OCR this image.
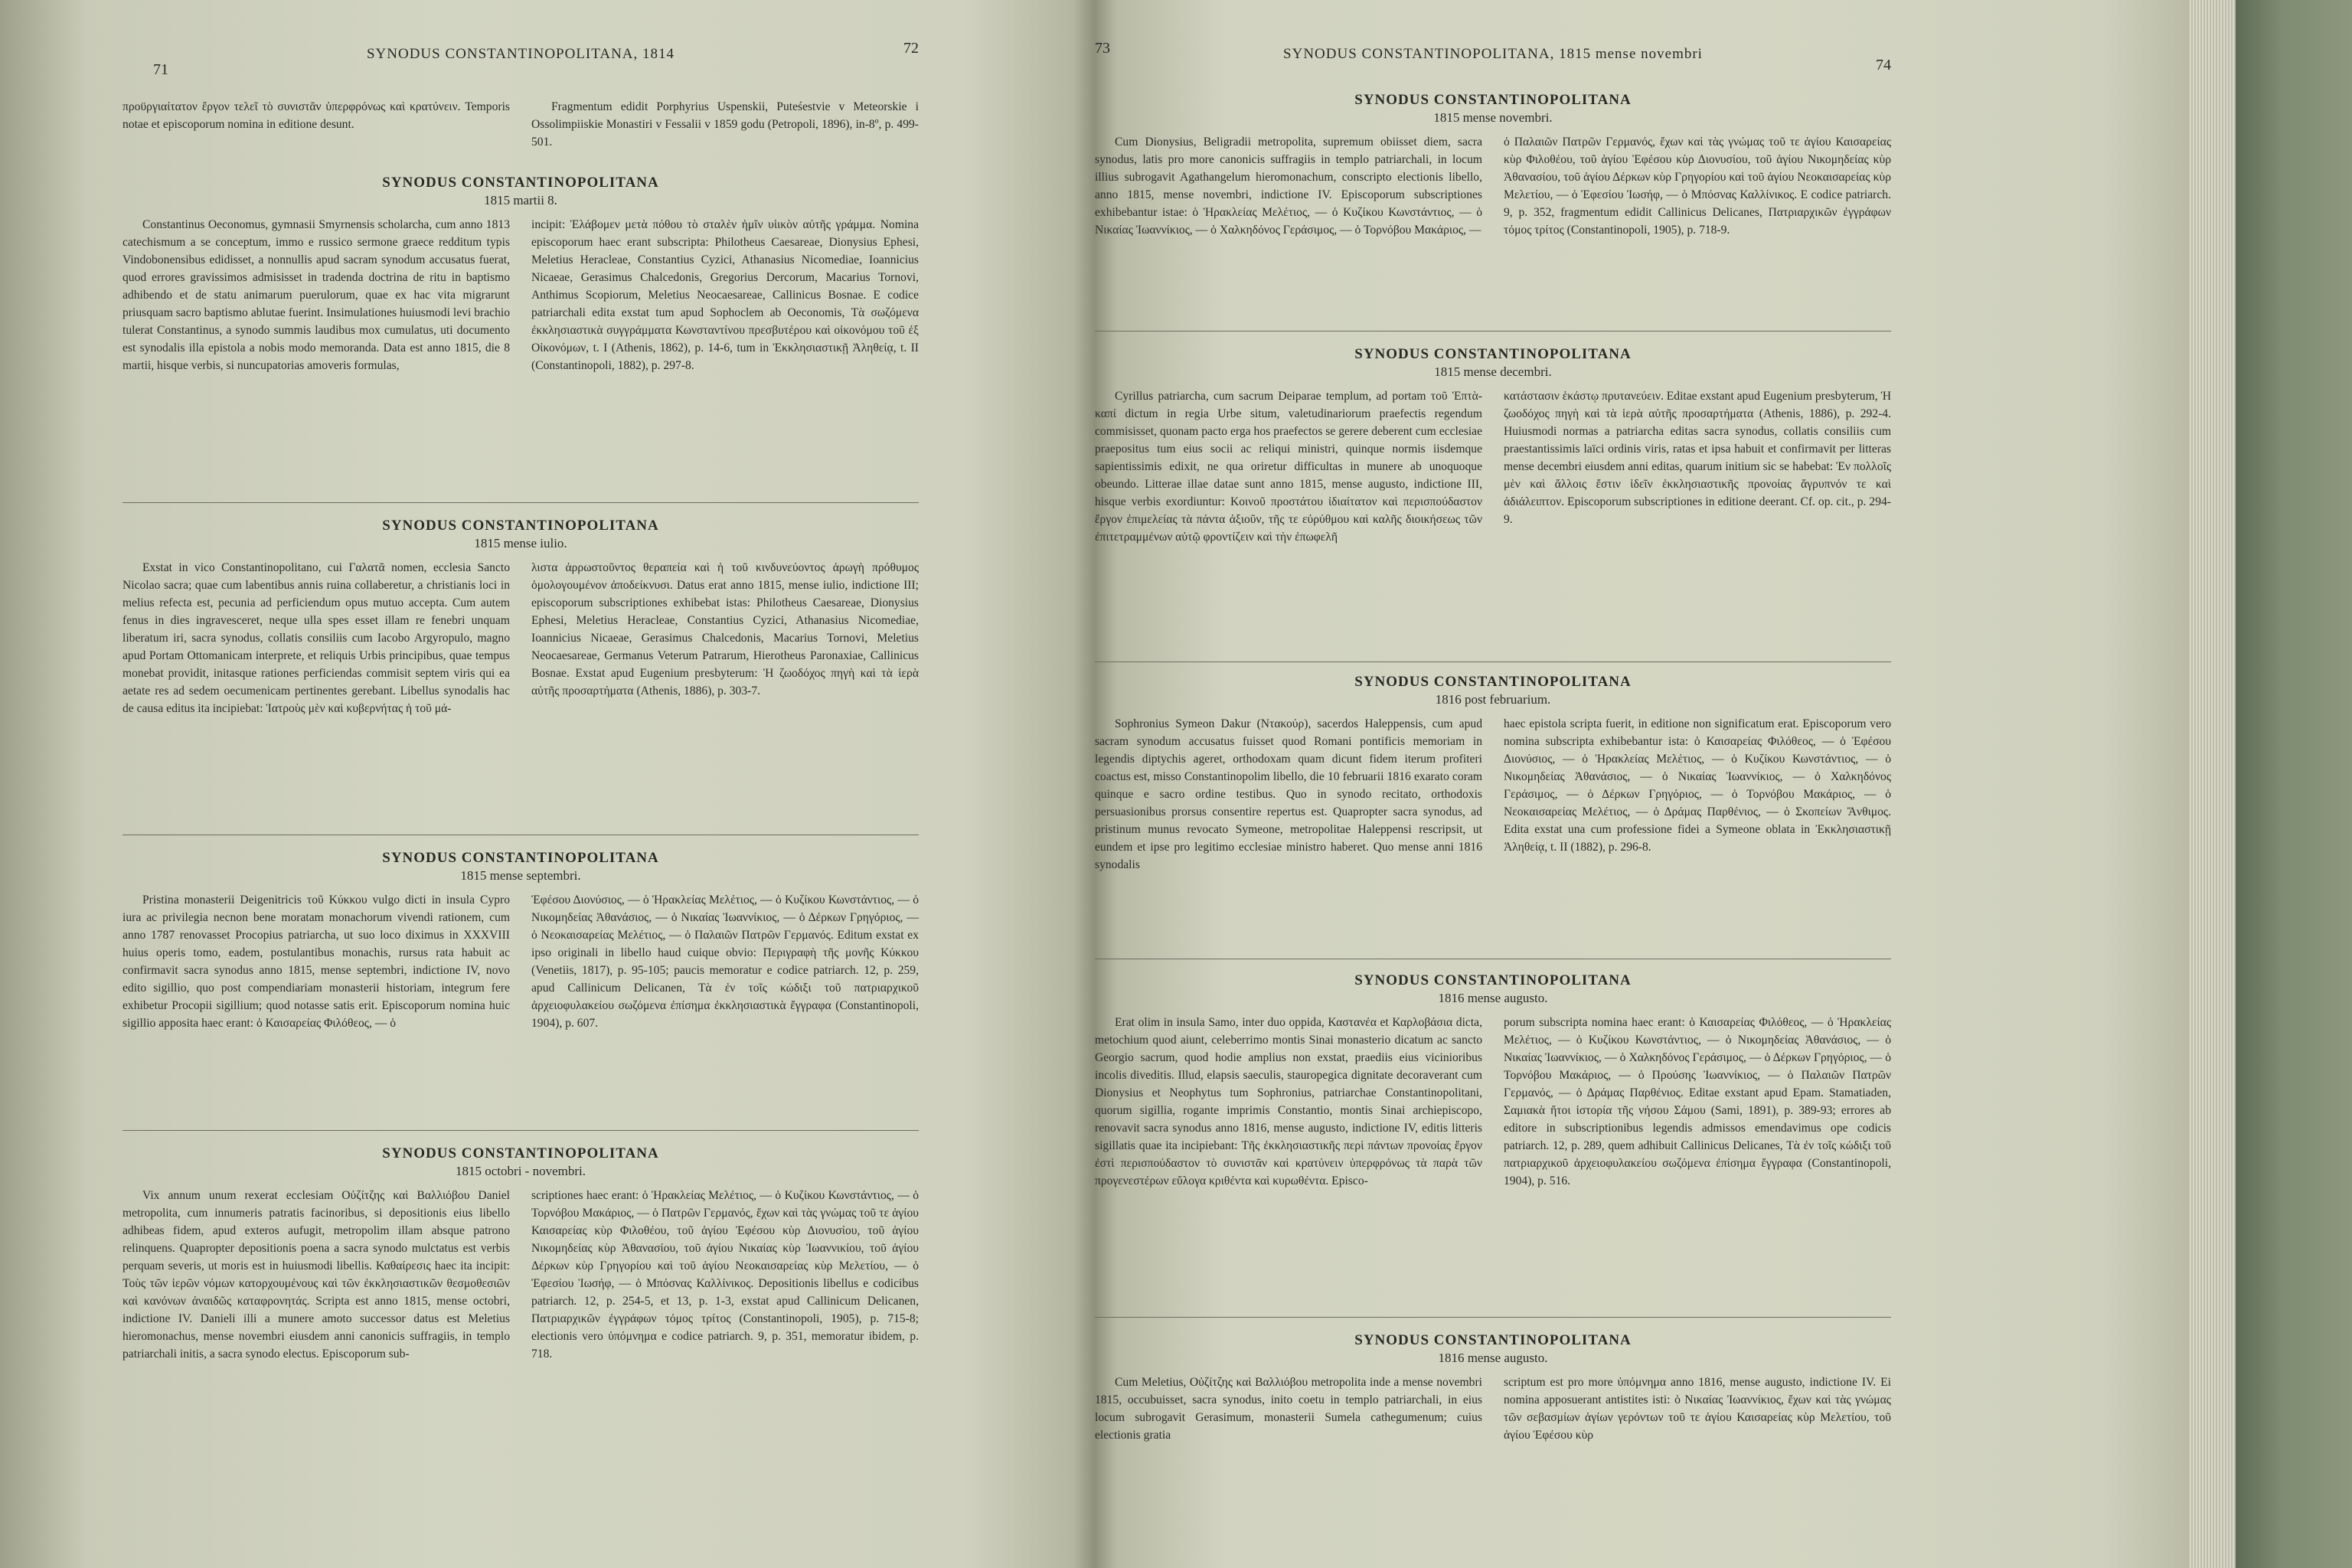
71
SYNODUS CONSTANTINOPOLITANA, 1814	72

προϋργιαίτατον ἔργον τελεῖ τὸ συνιστᾶν ὑπερφρόνως καὶ κρατύνειν. Temporis notae et episcoporum nomina in editione desunt.

Fragmentum edidit Porphyrius Uspenskii, Puteśestvie v Meteorskie i Ossolimpiiskie Monastiri v Fessalii v 1859 godu (Petropoli, 1896), in-8º, p. 499-501.

SYNODUS CONSTANTINOPOLITANA
1815 martii 8.

Constantinus Oeconomus, gymnasii Smyrnensis scholarcha, cum anno 1813 catechismum a se conceptum, immo e russico sermone graece redditum typis Vindobonensibus edidisset, a nonnullis apud sacram synodum accusatus fuerat, quod errores gravissimos admisisset in tradenda doctrina de ritu in baptismo adhibendo et de statu animarum puerulorum, quae ex hac vita migrarunt priusquam sacro baptismo ablutae fuerint. Insimulationes huiusmodi levi brachio tulerat Constantinus, a synodo summis laudibus mox cumulatus, uti documento est synodalis illa epistola a nobis modo memoranda. Data est anno 1815, die 8 martii, hisque verbis, si nuncupatorias amoveris formulas,

incipit: Ἐλάβομεν μετὰ πόθου τὸ σταλὲν ἡμῖν υἱικὸν αὐτῆς γράμμα. Nomina episcoporum haec erant subscripta: Philotheus Caesareae, Dionysius Ephesi, Meletius Heracleae, Constantius Cyzici, Athanasius Nicomediae, Ioannicius Nicaeae, Gerasimus Chalcedonis, Gregorius Dercorum, Macarius Tornovi, Anthimus Scopiorum, Meletius Neocaesareae, Callinicus Bosnae. E codice patriarchali edita exstat tum apud Sophoclem ab Oeconomis, Τὰ σωζόμενα ἐκκλησιαστικὰ συγγράμματα Κωνσταντίνου πρεσβυτέρου καὶ οἰκονόμου τοῦ ἐξ Οἰκονόμων, t. I (Athenis, 1862), p. 14-6, tum in Ἐκκλησιαστικῇ Ἀληθείᾳ, t. II (Constantinopoli, 1882), p. 297-8.

SYNODUS CONSTANTINOPOLITANA
1815 mense iulio.

Exstat in vico Constantinopolitano, cui Γαλατᾶ nomen, ecclesia Sancto Nicolao sacra; quae cum labentibus annis ruina collaberetur, a christianis loci in melius refecta est, pecunia ad perficiendum opus mutuo accepta. Cum autem fenus in dies ingravesceret, neque ulla spes esset illam re fenebri unquam liberatum iri, sacra synodus, collatis consiliis cum Iacobo Argyropulo, magno apud Portam Ottomanicam interprete, et reliquis Urbis principibus, quae tempus monebat providit, initasque rationes perficiendas commisit septem viris qui ea aetate res ad sedem oecumenicam pertinentes gerebant. Libellus synodalis hac de causa editus ita incipiebat: Ἰατροὺς μὲν καὶ κυβερνήτας ἡ τοῦ μά-

λιστα ἀρρωστοῦντος θεραπεία καὶ ἡ τοῦ κινδυνεύοντος ἀρωγὴ πρόθυμος ὁμολογουμένον ἀποδείκνυσι. Datus erat anno 1815, mense iulio, indictione III; episcoporum subscriptiones exhibebat istas: Philotheus Caesareae, Dionysius Ephesi, Meletius Heracleae, Constantius Cyzici, Athanasius Nicomediae, Ioannicius Nicaeae, Gerasimus Chalcedonis, Macarius Tornovi, Meletius Neocaesareae, Germanus Veterum Patrarum, Hierotheus Paronaxiae, Callinicus Bosnae. Exstat apud Eugenium presbyterum: Ἡ ζωοδόχος πηγὴ καὶ τὰ ἱερὰ αὐτῆς προσαρτήματα (Athenis, 1886), p. 303-7.

SYNODUS CONSTANTINOPOLITANA
1815 mense septembri.

Pristina monasterii Deigenitricis τοῦ Κύκκου vulgo dicti in insula Cypro iura ac privilegia necnon bene moratam monachorum vivendi rationem, cum anno 1787 renovasset Procopius patriarcha, ut suo loco diximus in XXXVIII huius operis tomo, eadem, postulantibus monachis, rursus rata habuit ac confirmavit sacra synodus anno 1815, mense septembri, indictione IV, novo edito sigillio, quo post compendiariam monasterii historiam, integrum fere exhibetur Procopii sigillium; quod notasse satis erit. Episcoporum nomina huic sigillio apposita haec erant: ὁ Καισαρείας Φιλόθεος, — ὁ

Ἐφέσου Διονύσιος, — ὁ Ἡρακλείας Μελέτιος, — ὁ Κυζίκου Κωνστάντιος, — ὁ Νικομηδείας Ἀθανάσιος, — ὁ Νικαίας Ἰωαννίκιος, — ὁ Δέρκων Γρηγόριος, — ὁ Νεοκαισαρείας Μελέτιος, — ὁ Παλαιῶν Πατρῶν Γερμανός. Editum exstat ex ipso originali in libello haud cuique obvio: Περιγραφὴ τῆς μονῆς Κύκκου (Venetiis, 1817), p. 95-105; paucis memoratur e codice patriarch. 12, p. 259, apud Callinicum Delicanen, Τὰ ἐν τοῖς κώδιξι τοῦ πατριαρχικοῦ ἀρχειοφυλακείου σωζόμενα ἐπίσημα ἐκκλησιαστικὰ ἔγγραφα (Constantinopoli, 1904), p. 607.

SYNODUS CONSTANTINOPOLITANA
1815 octobri - novembri.

Vix annum unum rexerat ecclesiam Οὐζίτζης καὶ Βαλλιόβου Daniel metropolita, cum innumeris patratis facinoribus, si depositionis eius libello adhibeas fidem, apud exteros aufugit, metropolim illam absque patrono relinquens. Quapropter depositionis poena a sacra synodo mulctatus est verbis perquam severis, ut moris est in huiusmodi libellis. Καθαίρεσις haec ita incipit: Τοὺς τῶν ἱερῶν νόμων κατορχουμένους καὶ τῶν ἐκκλησιαστικῶν θεσμοθεσιῶν καὶ κανόνων ἀναιδῶς καταφρονητάς. Scripta est anno 1815, mense octobri, indictione IV. Danieli illi a munere amoto successor datus est Meletius hieromonachus, mense novembri eiusdem anni canonicis suffragiis, in templo patriarchali initis, a sacra synodo electus. Episcoporum sub-

scriptiones haec erant: ὁ Ἡρακλείας Μελέτιος, — ὁ Κυζίκου Κωνστάντιος, — ὁ Τορνόβου Μακάριος, — ὁ Πατρῶν Γερμανός, ἔχων καὶ τὰς γνώμας τοῦ τε ἁγίου Καισαρείας κὺρ Φιλοθέου, τοῦ ἁγίου Ἐφέσου κὺρ Διονυσίου, τοῦ ἁγίου Νικομηδείας κὺρ Ἀθανασίου, τοῦ ἁγίου Νικαίας κὺρ Ἰωαννικίου, τοῦ ἁγίου Δέρκων κὺρ Γρηγορίου καὶ τοῦ ἁγίου Νεοκαισαρείας κὺρ Μελετίου, — ὁ Ἐφεσίου Ἰωσήφ, — ὁ Μπόσνας Καλλίνικος. Depositionis libellus e codicibus patriarch. 12, p. 254-5, et 13, p. 1-3, exstat apud Callinicum Delicanen, Πατριαρχικῶν ἐγγράφων τόμος τρίτος (Constantinopoli, 1905), p. 715-8; electionis vero ὑπόμνημα e codice patriarch. 9, p. 351, memoratur ibidem, p. 718.

73	SYNODUS CONSTANTINOPOLITANA, 1815 mense novembri
74
SYNODUS CONSTANTINOPOLITANA
1815 mense novembri.

Cum Dionysius, Beligradii metropolita, supremum obiisset diem, sacra synodus, latis pro more canonicis suffragiis in templo patriarchali, in locum illius subrogavit Agathangelum hieromonachum, conscripto electionis libello, anno 1815, mense novembri, indictione IV. Episcoporum subscriptiones exhibebantur istae: ὁ Ἡρακλείας Μελέτιος, — ὁ Κυζίκου Κωνστάντιος, — ὁ Νικαίας Ἰωαννίκιος, — ὁ Χαλκηδόνος Γεράσιμος, — ὁ Τορνόβου Μακάριος, —

ὁ Παλαιῶν Πατρῶν Γερμανός, ἔχων καὶ τὰς γνώμας τοῦ τε ἁγίου Καισαρείας κὺρ Φιλοθέου, τοῦ ἁγίου Ἐφέσου κὺρ Διονυσίου, τοῦ ἁγίου Νικομηδείας κὺρ Ἀθανασίου, τοῦ ἁγίου Δέρκων κὺρ Γρηγορίου καὶ τοῦ ἁγίου Νεοκαισαρείας κὺρ Μελετίου, — ὁ Ἐφεσίου Ἰωσήφ, — ὁ Μπόσνας Καλλίνικος. E codice patriarch. 9, p. 352, fragmentum edidit Callinicus Delicanes, Πατριαρχικῶν ἐγγράφων τόμος τρίτος (Constantinopoli, 1905), p. 718-9.

SYNODUS CONSTANTINOPOLITANA
1815 mense decembri.

Cyrillus patriarcha, cum sacrum Deiparae templum, ad portam τοῦ Ἑπτὰ-καπί dictum in regia Urbe situm, valetudinariorum praefectis regendum commisisset, quonam pacto erga hos praefectos se gerere deberent cum ecclesiae praepositus tum eius socii ac reliqui ministri, quinque normis iisdemque sapientissimis edixit, ne qua oriretur difficultas in munere ab unoquoque obeundo. Litterae illae datae sunt anno 1815, mense augusto, indictione III, hisque verbis exordiuntur: Κοινοῦ προστάτου ἰδιαίτατον καὶ περισπούδαστον ἔργον ἐπιμελείας τὰ πάντα ἀξιοῦν, τῆς τε εὐρύθμου καὶ καλῆς διοικήσεως τῶν ἐπιτετραμμένων αὐτῷ φροντίζειν καὶ τὴν ἐπωφελῆ

κατάστασιν ἑκάστῳ πρυτανεύειν. Editae exstant apud Eugenium presbyterum, Ἡ ζωοδόχος πηγὴ καὶ τὰ ἱερὰ αὐτῆς προσαρτήματα (Athenis, 1886), p. 292-4. Huiusmodi normas a patriarcha editas sacra synodus, collatis consiliis cum praestantissimis laïci ordinis viris, ratas et ipsa habuit et confirmavit per litteras mense decembri eiusdem anni editas, quarum initium sic se habebat: Ἐν πολλοῖς μὲν καὶ ἄλλοις ἔστιν ἰδεῖν ἐκκλησιαστικῆς προνοίας ἄγρυπνόν τε καὶ ἀδιάλειπτον. Episcoporum subscriptiones in editione deerant. Cf. op. cit., p. 294-9.

SYNODUS CONSTANTINOPOLITANA
1816 post februarium.

Sophronius Symeon Dakur (Ντακούρ), sacerdos Haleppensis, cum apud sacram synodum accusatus fuisset quod Romani pontificis memoriam in legendis diptychis ageret, orthodoxam quam dicunt fidem iterum profiteri coactus est, misso Constantinopolim libello, die 10 februarii 1816 exarato coram quinque e sacro ordine testibus. Quo in synodo recitato, orthodoxis persuasionibus prorsus consentire repertus est. Quapropter sacra synodus, ad pristinum munus revocato Symeone, metropolitae Haleppensi rescripsit, ut eundem et ipse pro legitimo ecclesiae ministro haberet. Quo mense anni 1816 synodalis

haec epistola scripta fuerit, in editione non significatum erat. Episcoporum vero nomina subscripta exhibebantur ista: ὁ Καισαρείας Φιλόθεος, — ὁ Ἐφέσου Διονύσιος, — ὁ Ἡρακλείας Μελέτιος, — ὁ Κυζίκου Κωνστάντιος, — ὁ Νικομηδείας Ἀθανάσιος, — ὁ Νικαίας Ἰωαννίκιος, — ὁ Χαλκηδόνος Γεράσιμος, — ὁ Δέρκων Γρηγόριος, — ὁ Τορνόβου Μακάριος, — ὁ Νεοκαισαρείας Μελέτιος, — ὁ Δράμας Παρθένιος, — ὁ Σκοπείων Ἄνθιμος. Edita exstat una cum professione fidei a Symeone oblata in Ἐκκλησιαστικῇ Ἀληθείᾳ, t. II (1882), p. 296-8.

SYNODUS CONSTANTINOPOLITANA
1816 mense augusto.

Erat olim in insula Samo, inter duo oppida, Καστανέα et Καρλοβάσια dicta, metochium quod aiunt, celeberrimo montis Sinai monasterio dicatum ac sancto Georgio sacrum, quod hodie amplius non exstat, praediis eius vicinioribus incolis diveditis. Illud, elapsis saeculis, stauropegica dignitate decoraverant cum Dionysius et Neophytus tum Sophronius, patriarchae Constantinopolitani, quorum sigillia, rogante imprimis Constantio, montis Sinai archiepiscopo, renovavit sacra synodus anno 1816, mense augusto, indictione IV, editis litteris sigillatis quae ita incipiebant: Τῆς ἐκκλησιαστικῆς περὶ πάντων προνοίας ἔργον ἐστὶ περισπούδαστον τὸ συνιστᾶν καὶ κρατύνειν ὑπερφρόνως τὰ παρὰ τῶν προγενεστέρων εὔλογα κριθέντα καὶ κυρωθέντα. Episco-

porum subscripta nomina haec erant: ὁ Καισαρείας Φιλόθεος, — ὁ Ἡρακλείας Μελέτιος, — ὁ Κυζίκου Κωνστάντιος, — ὁ Νικομηδείας Ἀθανάσιος, — ὁ Νικαίας Ἰωαννίκιος, — ὁ Χαλκηδόνος Γεράσιμος, — ὁ Δέρκων Γρηγόριος, — ὁ Τορνόβου Μακάριος, — ὁ Προύσης Ἰωαννίκιος, — ὁ Παλαιῶν Πατρῶν Γερμανός, — ὁ Δράμας Παρθένιος. Editae exstant apud Epam. Stamatiaden, Σαμιακὰ ἤτοι ἱστορία τῆς νήσου Σάμου (Sami, 1891), p. 389-93; errores ab editore in subscriptionibus legendis admissos emendavimus ope codicis patriarch. 12, p. 289, quem adhibuit Callinicus Delicanes, Τὰ ἐν τοῖς κώδιξι τοῦ πατριαρχικοῦ ἀρχειοφυλακείου σωζόμενα ἐπίσημα ἔγγραφα (Constantinopoli, 1904), p. 516.

SYNODUS CONSTANTINOPOLITANA
1816 mense augusto.

Cum Meletius, Οὐζίτζης καὶ Βαλλιόβου metropolita inde a mense novembri 1815, occubuisset, sacra synodus, inito coetu in templo patriarchali, in eius locum subrogavit Gerasimum, monasterii Sumela cathegumenum; cuius electionis gratia

scriptum est pro more ὑπόμνημα anno 1816, mense augusto, indictione IV. Ei nomina apposuerant antistites isti: ὁ Νικαίας Ἰωαννίκιος, ἔχων καὶ τὰς γνώμας τῶν σεβασμίων ἁγίων γερόντων τοῦ τε ἁγίου Καισαρείας κὺρ Μελετίου, τοῦ ἁγίου Ἐφέσου κὺρ
